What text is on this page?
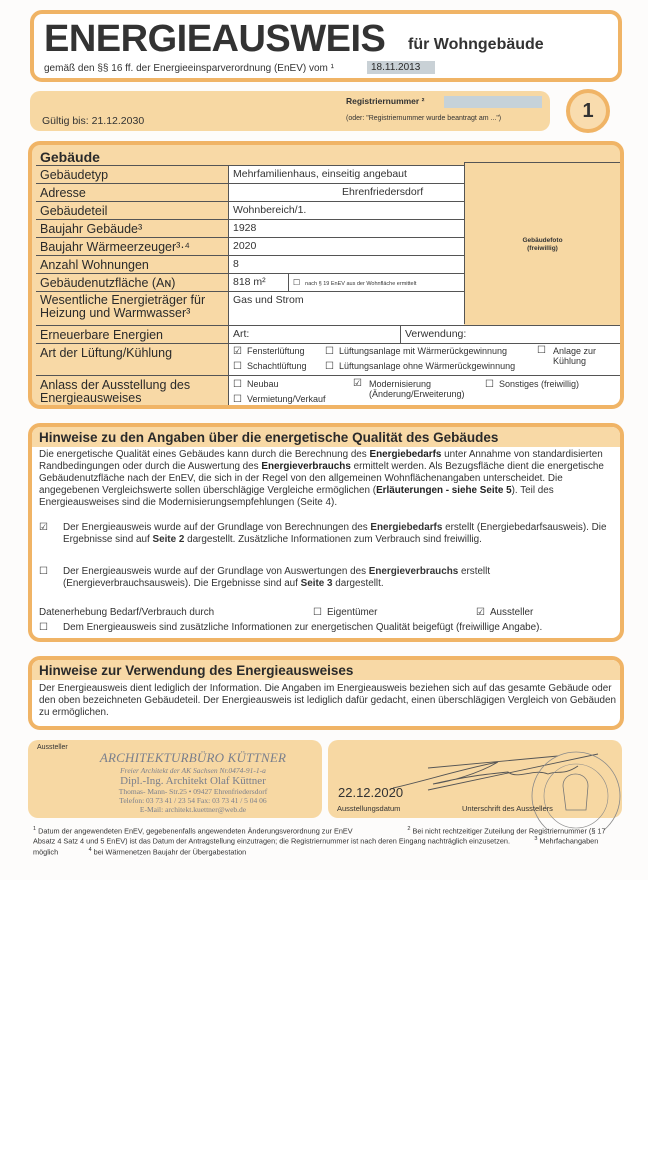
ENERGIEAUSWEIS für Wohngebäude
gemäß den §§ 16 ff. der Energieeinsparverordnung (EnEV) vom ¹	18.11.2013
Gültig bis: 21.12.2030
Registriernummer ²
(oder: "Registriernummer wurde beantragt am ...")	1
Gebäude
Gebäudefoto
(freiwillig)
Gebäudetyp	Mehrfamilienhaus, einseitig angebaut
Adresse	Ehrenfriedersdorf
Gebäudeteil	Wohnbereich/1.
Baujahr Gebäude³	1928
Baujahr Wärmeerzeuger³·⁴	2020
Anzahl Wohnungen	8
Gebäudenutzfläche (Aɴ)	818 m²	☐ nach § 19 EnEV aus der Wohnfläche ermittelt
Wesentliche Energieträger für Heizung und Warmwasser³
Gas und Strom
Erneuerbare Energien	Art:	Verwendung:
Art der Lüftung/Kühlung	☑ Fensterlüftung ☐ Lüftungsanlage mit Wärmerückgewinnung	☐ Anlage zur Kühlung
☐ Schachtlüftung ☐ Lüftungsanlage ohne Wärmerückgewinnung
Anlass der Ausstellung des Energieausweises
☐ Neubau	☑ Modernisierung (Änderung/Erweiterung)
☐ Sonstiges (freiwillig)
☐ Vermietung/Verkauf
Hinweise zu den Angaben über die energetische Qualität des Gebäudes
Die energetische Qualität eines Gebäudes kann durch die Berechnung des Energiebedarfs unter Annahme von standardisierten Randbedingungen oder durch die Auswertung des Energieverbrauchs ermittelt werden. Als Bezugsfläche dient die energetische Gebäudenutzfläche nach der EnEV, die sich in der Regel von den allgemeinen Wohnflächenangaben unterscheidet. Die angegebenen Vergleichswerte sollen überschlägige Vergleiche ermöglichen (Erläuterungen - siehe Seite 5). Teil des Energieausweises sind die Modernisierungsempfehlungen (Seite 4).
☑ Der Energieausweis wurde auf der Grundlage von Berechnungen des Energiebedarfs erstellt (Energiebedarfsausweis). Die Ergebnisse sind auf Seite 2 dargestellt. Zusätzliche Informationen zum Verbrauch sind freiwillig.
☐ Der Energieausweis wurde auf der Grundlage von Auswertungen des Energieverbrauchs erstellt (Energieverbrauchsausweis). Die Ergebnisse sind auf Seite 3 dargestellt.
Datenerhebung Bedarf/Verbrauch durch	☐ Eigentümer	☑ Aussteller
☐ Dem Energieausweis sind zusätzliche Informationen zur energetischen Qualität beigefügt (freiwillige Angabe).
Hinweise zur Verwendung des Energieausweises
Der Energieausweis dient lediglich der Information. Die Angaben im Energieausweis beziehen sich auf das gesamte Gebäude oder den oben bezeichneten Gebäudeteil. Der Energieausweis ist lediglich dafür gedacht, einen überschlägigen Vergleich von Gebäuden zu ermöglichen.
Aussteller
ARCHITEKTURBÜRO KÜTTNER
Freier Architekt der AK Sachsen Nr.0474-91-1-a
Dipl.-Ing. Architekt Olaf Küttner
Thomas- Mann- Str.25 • 09427 Ehrenfriedersdorf
Telefon: 03 73 41 / 23 54 Fax: 03 73 41 / 5 04 06
E-Mail: architekt.kuettner@web.de
22.12.2020
Ausstellungsdatum	Unterschrift des Ausstellers
$^1$ Datum der angewendeten EnEV, gegebenenfalls angewendeten Änderungsverordnung zur EnEV	$^2$ Bei nicht rechtzeitiger Zuteilung der Registriernummer (§ 17 Absatz 4 Satz 4 und 5 EnEV) ist das Datum der Antragstellung einzutragen; die Registriernummer ist nach deren Eingang nachträglich einzusetzen.	$^3$ Mehrfachangaben möglich	$^4$ bei Wärmenetzen Baujahr der Übergabestation
